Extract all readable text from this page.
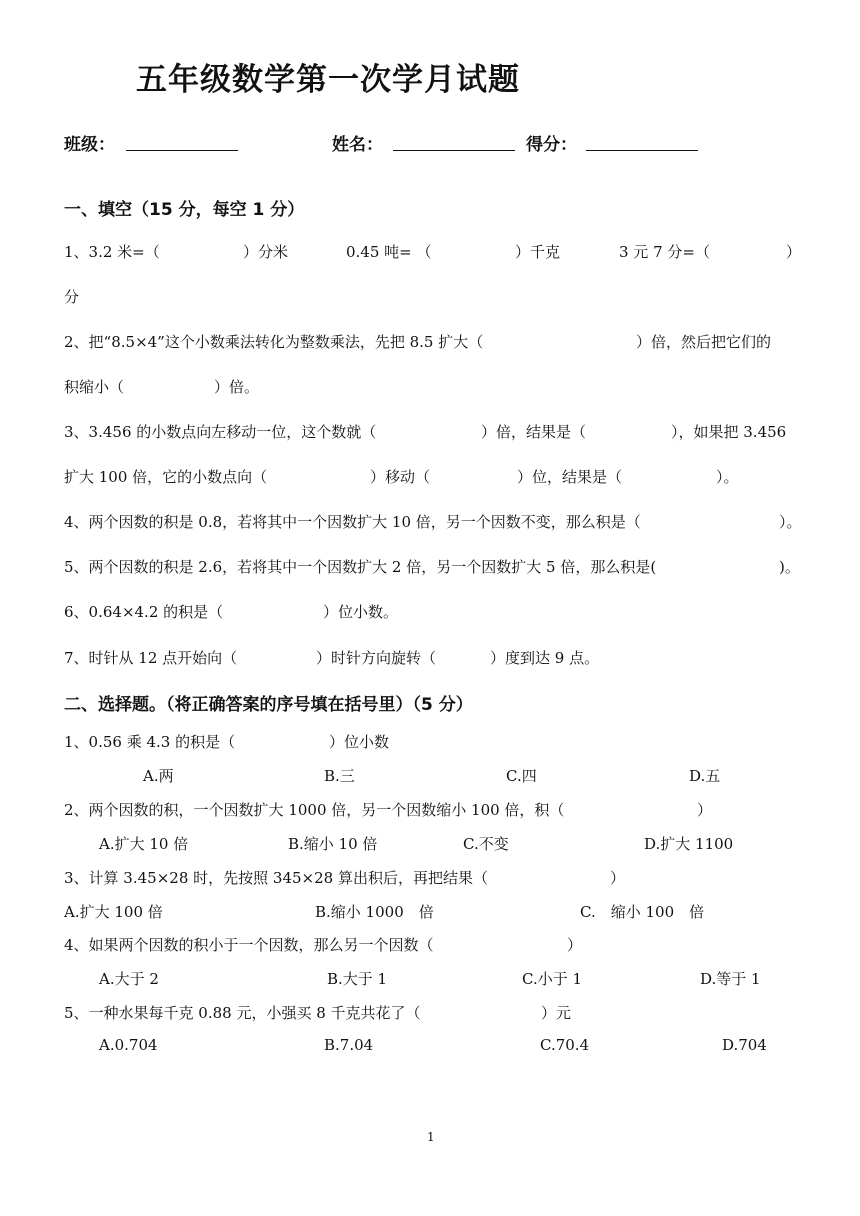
五年级数学第一次学月试题
班级：	姓名：	得分：
一、填空（15 分，每空 1 分）
1、3.2 米=（	）分米	0.45 吨= （	）千克	3 元 7 分=（	）
分
2、把“8.5×4”这个小数乘法转化为整数乘法，先把 8.5 扩大（	）倍，然后把它们的
积缩小（	）倍。
3、3.456 的小数点向左移动一位，这个数就（	）倍，结果是（	），如果把 3.456
扩大 100 倍，它的小数点向（	）移动（	）位，结果是（	）。
4、两个因数的积是 0.8，若将其中一个因数扩大 10 倍，另一个因数不变，那么积是（	）。
5、两个因数的积是 2.6，若将其中一个因数扩大 2 倍，另一个因数扩大 5 倍，那么积是(	)。
6、0.64×4.2 的积是（	）位小数。
7、时针从 12 点开始向（	）时针方向旋转（	）度到达 9 点。
二、选择题。（将正确答案的序号填在括号里）（5 分）
1、0.56 乘 4.3 的积是（	）位小数
A.两	B.三	C.四	D.五
2、两个因数的积，一个因数扩大 1000 倍，另一个因数缩小 100 倍，积（	）
A.扩大 10 倍	B.缩小 10 倍	C.不变	D.扩大 1100
3、计算 3.45×28 时，先按照 345×28 算出积后，再把结果（	）
A.扩大 100 倍	B.缩小 1000　倍	C.　缩小 100　倍
4、如果两个因数的积小于一个因数，那么另一个因数（	）
A.大于 2	B.大于 1	C.小于 1	D.等于 1
5、一种水果每千克 0.88 元，小强买 8 千克共花了（	）元
A.0.704	B.7.04	C.70.4	D.704
1
